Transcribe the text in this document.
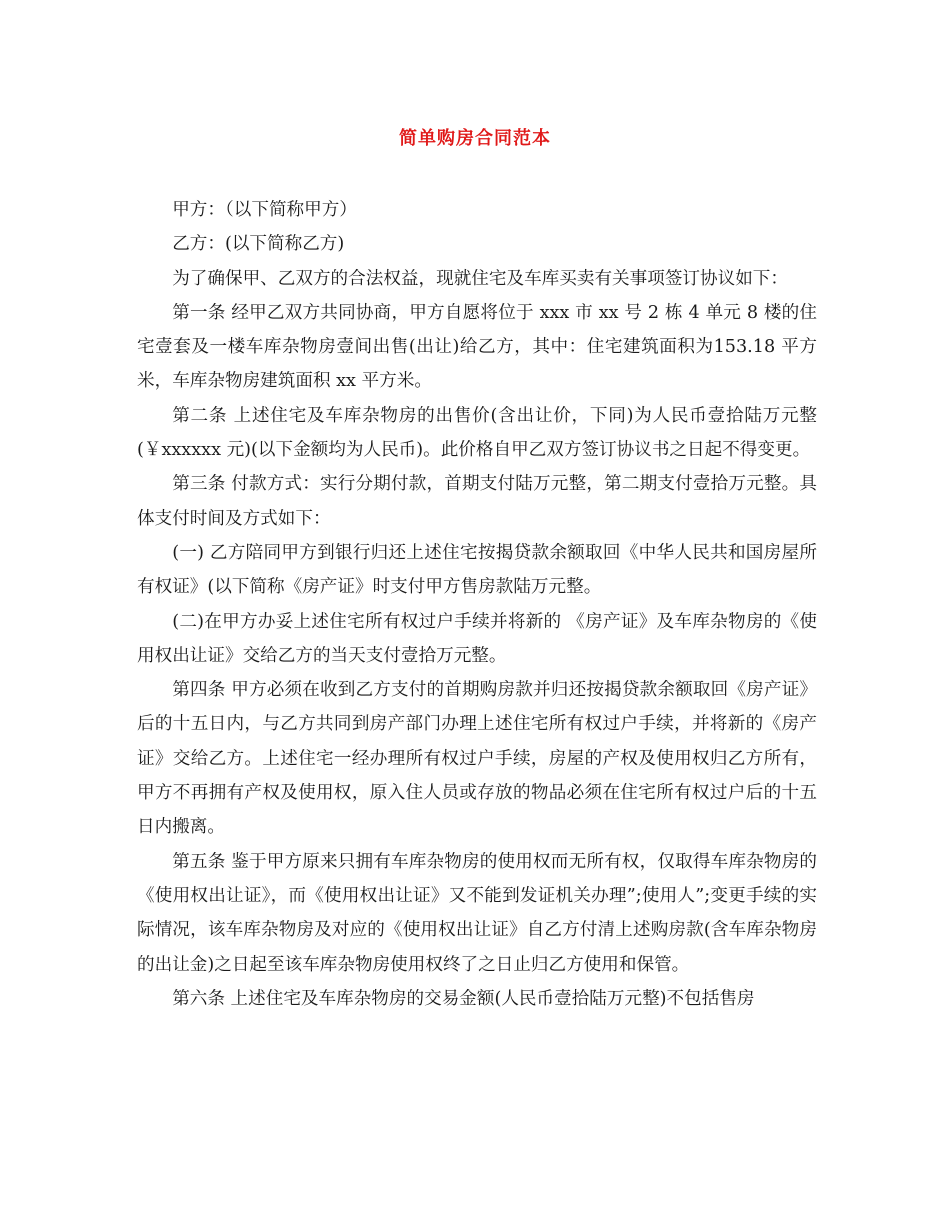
简单购房合同范本

甲方：（以下简称甲方）

乙方：(以下简称乙方)

为了确保甲、乙双方的合法权益，现就住宅及车库买卖有关事项签订协议如下：

第一条 经甲乙双方共同协商，甲方自愿将位于 xxx 市 xx 号 2 栋 4 单元 8 楼的住宅壹套及一楼车库杂物房壹间出售(出让)给乙方，其中：住宅建筑面积为153.18 平方米，车库杂物房建筑面积 xx 平方米。

第二条 上述住宅及车库杂物房的出售价(含出让价，下同)为人民币壹拾陆万元整(￥xxxxxx 元)(以下金额均为人民币)。此价格自甲乙双方签订协议书之日起不得变更。

第三条 付款方式：实行分期付款，首期支付陆万元整，第二期支付壹拾万元整。具体支付时间及方式如下：

(一) 乙方陪同甲方到银行归还上述住宅按揭贷款余额取回《中华人民共和国房屋所有权证》(以下简称《房产证》时支付甲方售房款陆万元整。

(二)在甲方办妥上述住宅所有权过户手续并将新的 《房产证》及车库杂物房的《使用权出让证》交给乙方的当天支付壹拾万元整。

第四条 甲方必须在收到乙方支付的首期购房款并归还按揭贷款余额取回《房产证》后的十五日内，与乙方共同到房产部门办理上述住宅所有权过户手续，并将新的《房产证》交给乙方。上述住宅一经办理所有权过户手续，房屋的产权及使用权归乙方所有，甲方不再拥有产权及使用权，原入住人员或存放的物品必须在住宅所有权过户后的十五日内搬离。

第五条 鉴于甲方原来只拥有车库杂物房的使用权而无所有权，仅取得车库杂物房的《使用权出让证》，而《使用权出让证》又不能到发证机关办理”;使用人”;变更手续的实际情况，该车库杂物房及对应的《使用权出让证》自乙方付清上述购房款(含车库杂物房的出让金)之日起至该车库杂物房使用权终了之日止归乙方使用和保管。

第六条 上述住宅及车库杂物房的交易金额(人民币壹拾陆万元整)不包括售房
